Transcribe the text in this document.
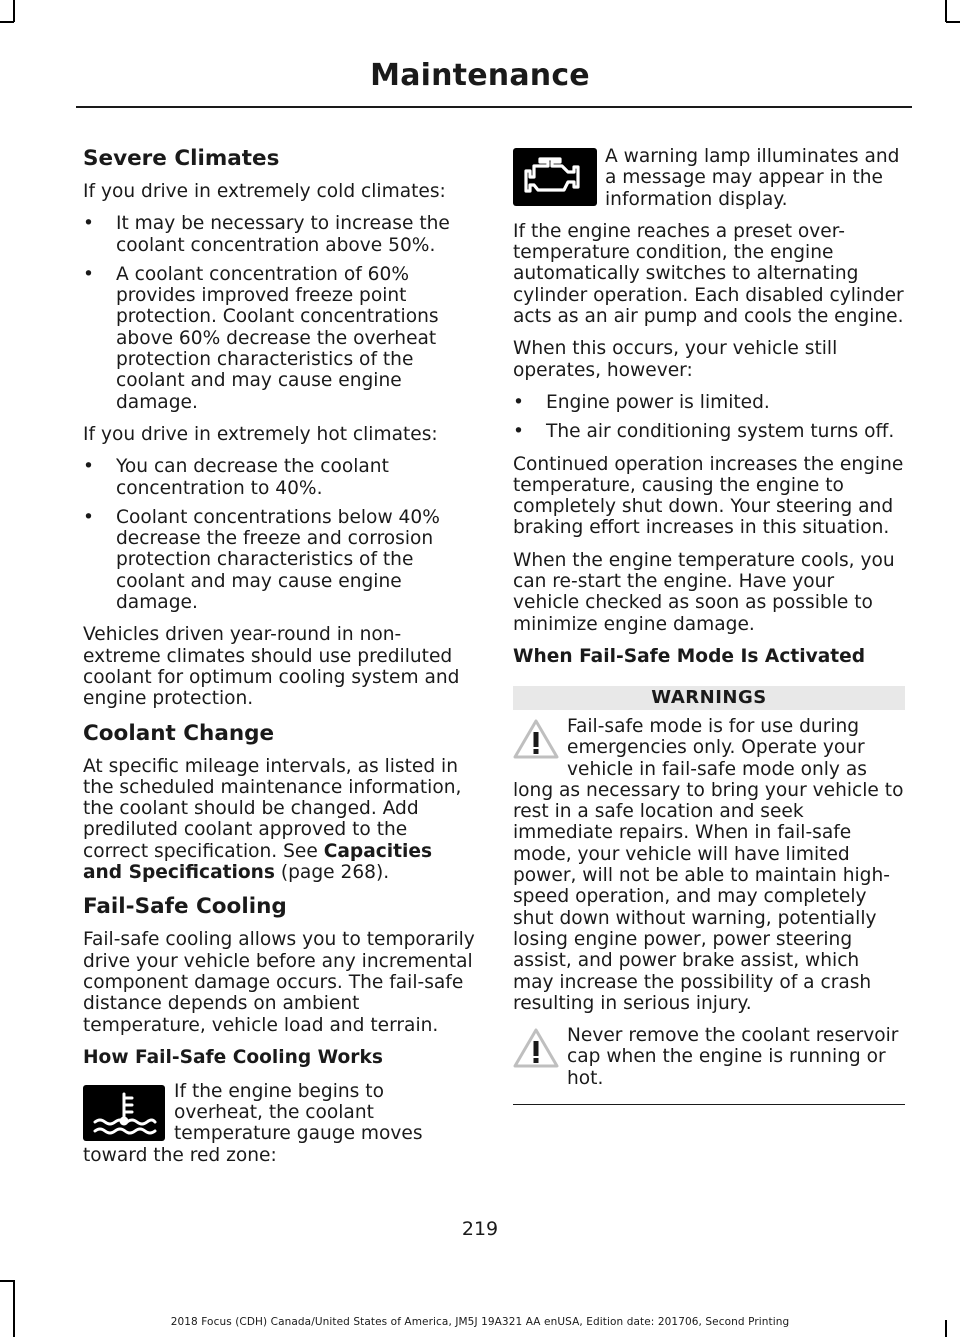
Maintenance
Severe Climates

If you drive in extremely cold climates:

• It may be necessary to increase the coolant concentration above 50%.
• A coolant concentration of 60% provides improved freeze point protection. Coolant concentrations above 60% decrease the overheat protection characteristics of the coolant and may cause engine damage.

If you drive in extremely hot climates:

• You can decrease the coolant concentration to 40%.
• Coolant concentrations below 40% decrease the freeze and corrosion protection characteristics of the coolant and may cause engine damage.

Vehicles driven year-round in non-extreme climates should use prediluted coolant for optimum cooling system and engine protection.

Coolant Change

At specific mileage intervals, as listed in the scheduled maintenance information, the coolant should be changed. Add prediluted coolant approved to the correct specification. See Capacities and Specifications (page 268).

Fail-Safe Cooling

Fail-safe cooling allows you to temporarily drive your vehicle before any incremental component damage occurs. The fail-safe distance depends on ambient temperature, vehicle load and terrain.

How Fail-Safe Cooling Works

If the engine begins to overheat, the coolant temperature gauge moves toward the red zone:

A warning lamp illuminates and a message may appear in the information display.

If the engine reaches a preset over-temperature condition, the engine automatically switches to alternating cylinder operation. Each disabled cylinder acts as an air pump and cools the engine.

When this occurs, your vehicle still operates, however:

• Engine power is limited.
• The air conditioning system turns off.

Continued operation increases the engine temperature, causing the engine to completely shut down. Your steering and braking effort increases in this situation.

When the engine temperature cools, you can re-start the engine. Have your vehicle checked as soon as possible to minimize engine damage.

When Fail-Safe Mode Is Activated
WARNINGS

Fail-safe mode is for use during emergencies only. Operate your vehicle in fail-safe mode only as long as necessary to bring your vehicle to rest in a safe location and seek immediate repairs. When in fail-safe mode, your vehicle will have limited power, will not be able to maintain high-speed operation, and may completely shut down without warning, potentially losing engine power, power steering assist, and power brake assist, which may increase the possibility of a crash resulting in serious injury.

Never remove the coolant reservoir cap when the engine is running or hot.

219
2018 Focus (CDH) Canada/United States of America, JM5J 19A321 AA enUSA, Edition date: 201706, Second Printing
